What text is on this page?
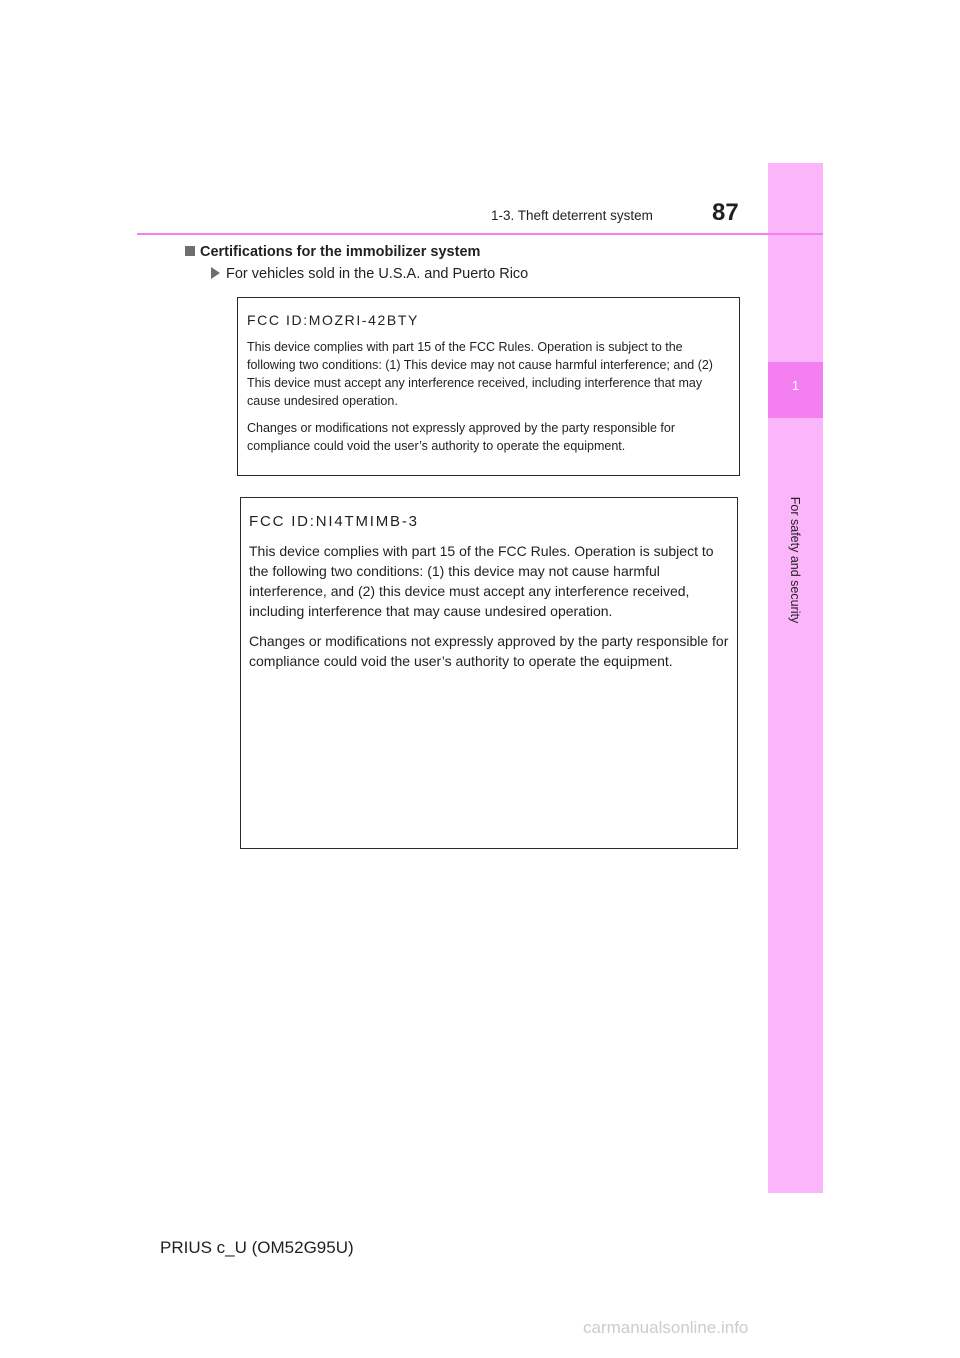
1
For safety and security
1-3. Theft deterrent system 87
Certifications for the immobilizer system
For vehicles sold in the U.S.A. and Puerto Rico
FCC ID:MOZRI-42BTY

This device complies with part 15 of the FCC Rules. Operation is subject to the following two conditions: (1) This device may not cause harmful interference; and (2) This device must accept any interference received, including interference that may cause undesired operation.

Changes or modifications not expressly approved by the party responsible for compliance could void the user’s authority to operate the equipment.

FCC ID:NI4TMIMB-3

This device complies with part 15 of the FCC Rules. Operation is subject to the following two conditions: (1) this device may not cause harmful interference, and (2) this device must accept any interference received, including interference that may cause undesired operation.

Changes or modifications not expressly approved by the party responsible for compliance could void the user’s authority to operate the equipment.

PRIUS c_U (OM52G95U)
carmanualsonline.info
